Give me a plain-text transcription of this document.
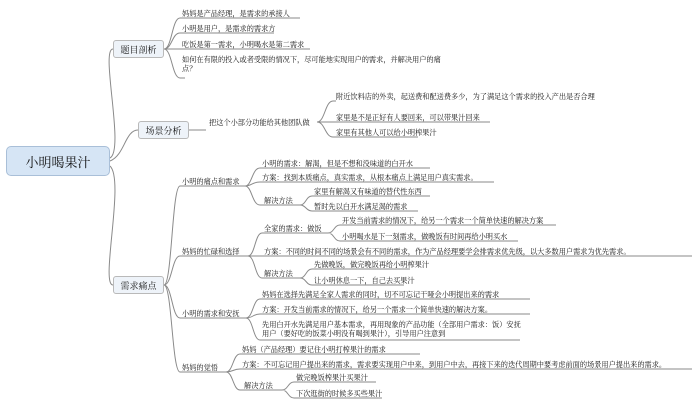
小明喝果汁
题目剖析
场景分析
需求痛点
妈妈是产品经理，是需求的承接人
小明是用户，是需求的需求方
吃饭是第一需求，小明喝水是第二需求
如何在有限的投入或者受限的情况下，尽可能地实现用户的需求，并解决用户的痛点？
把这个小部分功能给其他团队做
附近饮料店的外卖，起送费和配送费多少，为了满足这个需求的投入产出是否合理
家里是不是正好有人要回来，可以带果汁回来
家里有其他人可以给小明榨果汁
小明的痛点和需求
小明的需求：解渴，但是不想和没味道的白开水
方案：找到本质痛点，真实需求，从根本痛点上满足用户真实需求。
解决方法
家里有解渴又有味道的替代性东西
暂时先以白开水满足渴的需求
妈妈的忙碌和选择
全家的需求：做饭
开发当前需求的情况下，给另一个需求一个简单快速的解决方案
小明喝水是下一刻需求，做晚饭有时间再给小明买水
方案：不同的时间不同的场景会有不同的需求，作为产品经理要学会排需求优先级，以大多数用户需求为优先需求。
解决方法
先做晚饭，做完晚饭再给小明榨果汁
让小明休息一下，自己去买果汁
小明的需求和安抚
妈妈在选择先满足全家人需求的同时，切不可忘记干哑会小明提出来的需求
方案：开发当前需求的情况下，给另一个需求一个简单快速的解决方案。
先用白开水先满足用户基本需求，再用现象的产品功能（全部用户需求：饭）安抚用户（要好吃的饭菜小明没有喝到果汁），引导用户注意到
妈妈的觉悟
妈妈（产品经理）要记住小明打榨果汁的需求
方案：不可忘记用户提出来的需求，需求要实现用户中来，到用户中去，再接下来的迭代周期中要考虑前面的场景用户提出来的需求。
解决方法
做完晚饭榨果汁买果汁
下次逛街的时候多买些果汁
